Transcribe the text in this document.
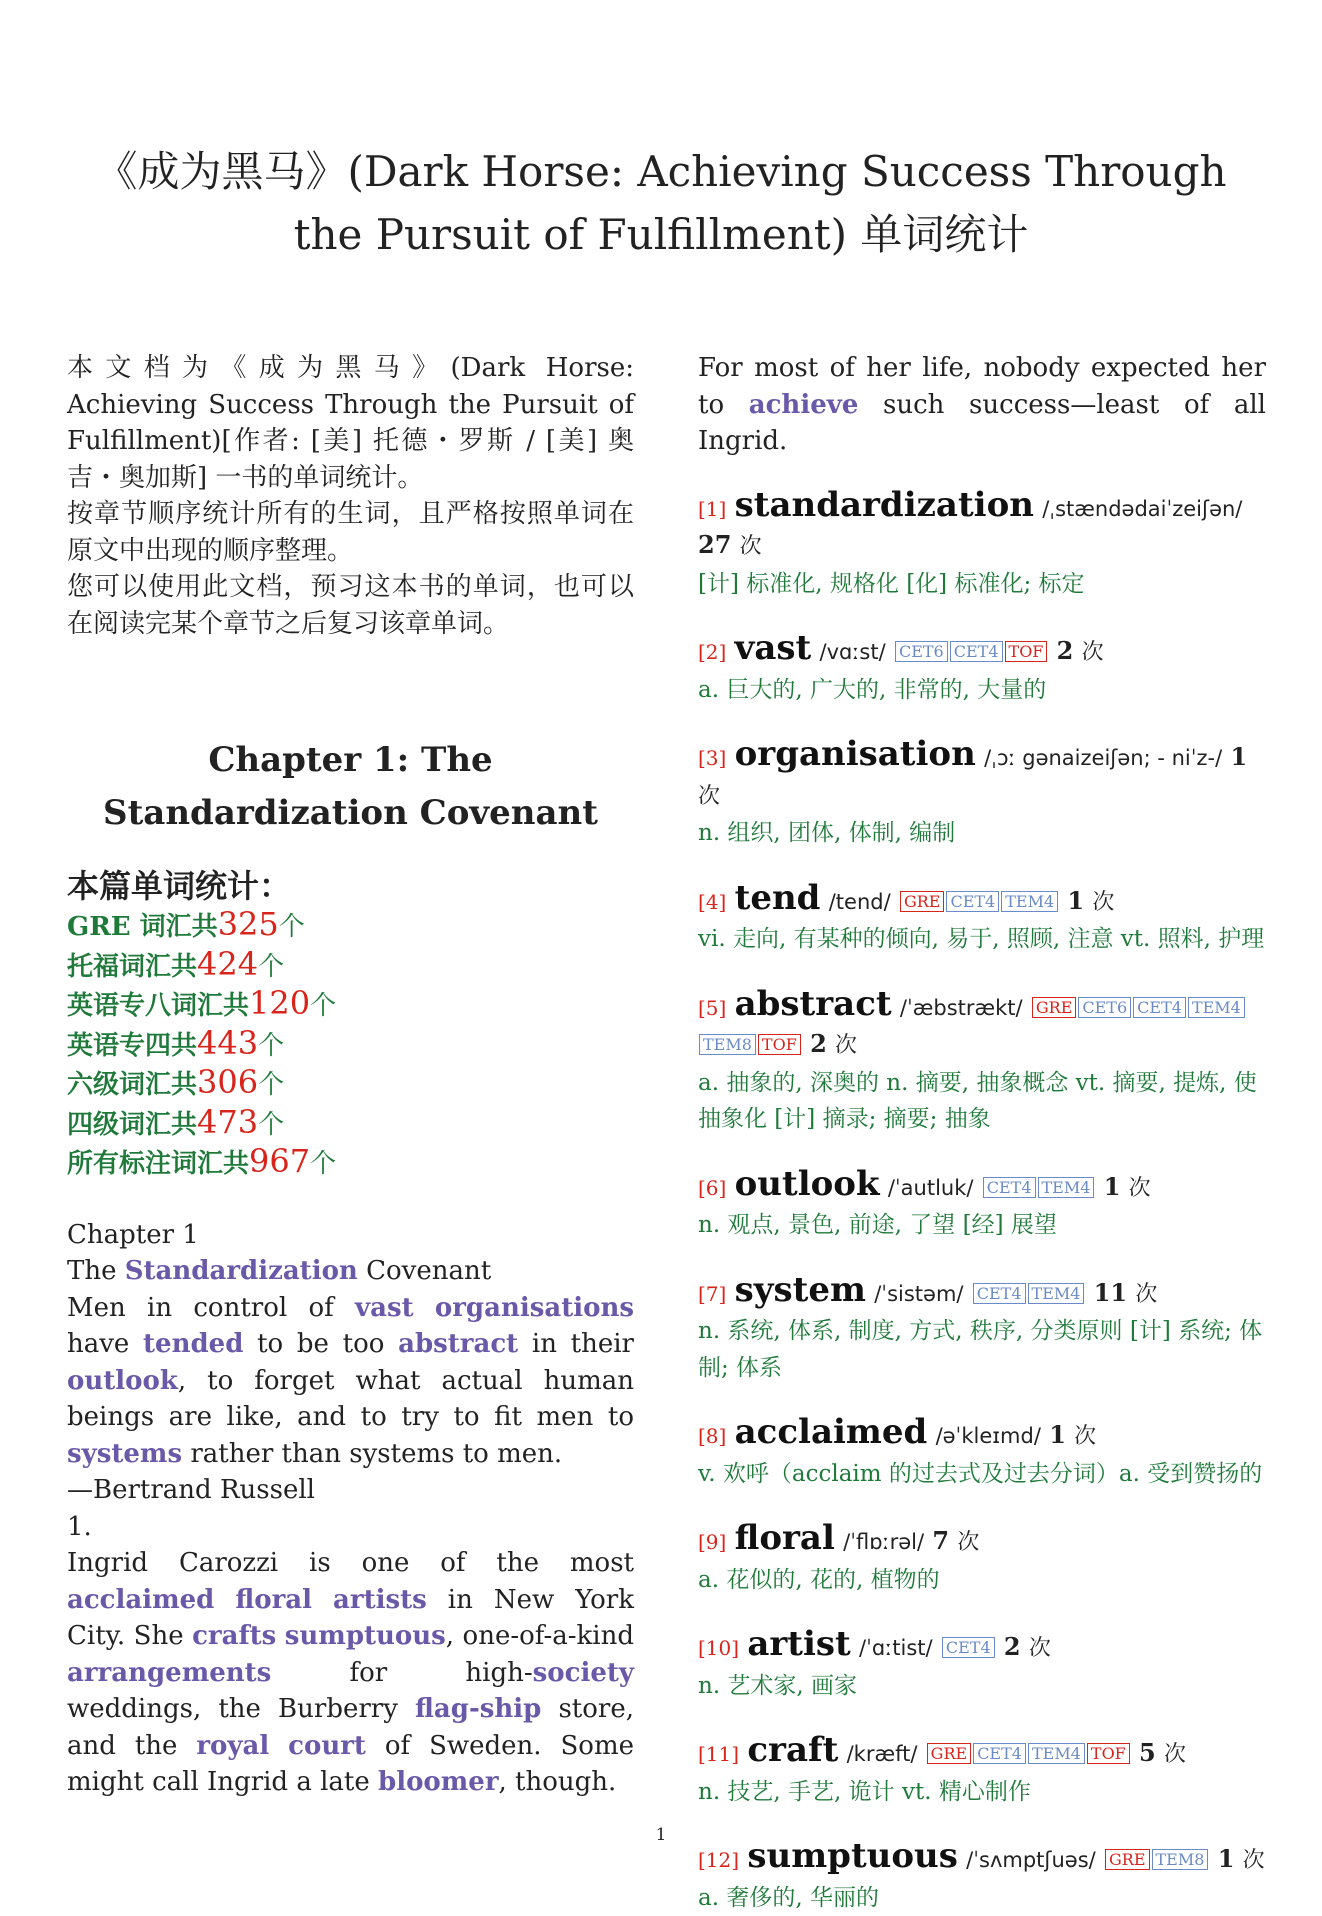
《成为黑马》(Dark Horse: Achieving Success Through the Pursuit of Fulfillment) 单词统计

本文档为《成为黑马》(Dark Horse: Achieving Success Through the Pursuit of Fulfillment)[作者: [美] 托德・罗斯 / [美] 奥吉・奥加斯] 一书的单词统计。

按章节顺序统计所有的生词，且严格按照单词在原文中出现的顺序整理。

您可以使用此文档，预习这本书的单词，也可以在阅读完某个章节之后复习该章单词。

Chapter 1: The Standardization Covenant
本篇单词统计：

GRE 词汇共325个

托福词汇共424个

英语专八词汇共120个

英语专四共443个

六级词汇共306个

四级词汇共473个

所有标注词汇共967个

Chapter 1

The Standardization Covenant

Men in control of vast organisations have tended to be too abstract in their outlook, to forget what actual human beings are like, and to try to fit men to systems rather than systems to men.

—Bertrand Russell

1.

Ingrid Carozzi is one of the most acclaimed floral artists in New York City. She crafts sumptuous, one-of-a-kind arrangements for high-society weddings, the Burberry flag-ship store, and the royal court of Sweden. Some might call Ingrid a late bloomer, though.

For most of her life, nobody expected her to achieve such success—least of all Ingrid.

[1] standardization /ˌstændədaiˈzeiʃən/ 27 次

[计] 标准化, 规格化 [化] 标准化; 标定

[2] vast /vɑːst/ CET6 CET4 TOF 2 次

a. 巨大的, 广大的, 非常的, 大量的

[3] organisation /ˌɔː gənaizeiʃən; - niˈz-/ 1 次

n. 组织, 团体, 体制, 编制

[4] tend /tend/ GRE CET4 TEM4 1 次

vi. 走向, 有某种的倾向, 易于, 照顾, 注意 vt. 照料, 护理

[5] abstract /ˈæbstrækt/ GRE CET6 CET4 TEM4TEM8 TOF 2 次

a. 抽象的, 深奥的 n. 摘要, 抽象概念 vt. 摘要, 提炼, 使抽象化 [计] 摘录; 摘要; 抽象

[6] outlook /ˈautluk/ CET4 TEM4 1 次

n. 观点, 景色, 前途, 了望 [经] 展望

[7] system /ˈsistəm/ CET4 TEM4 11 次

n. 系统, 体系, 制度, 方式, 秩序, 分类原则 [计] 系统; 体制; 体系

[8] acclaimed /əˈkleɪmd/ 1 次

v. 欢呼（acclaim 的过去式及过去分词）a. 受到赞扬的

[9] floral /ˈflɒːrəl/ 7 次

a. 花似的, 花的, 植物的

[10] artist /ˈɑːtist/ CET4 2 次

n. 艺术家, 画家

[11] craft /kræft/ GRE CET4 TEM4 TOF 5 次

n. 技艺, 手艺, 诡计 vt. 精心制作

[12] sumptuous /ˈsʌmptʃuəs/ GRE TEM8 1 次

a. 奢侈的, 华丽的

1
